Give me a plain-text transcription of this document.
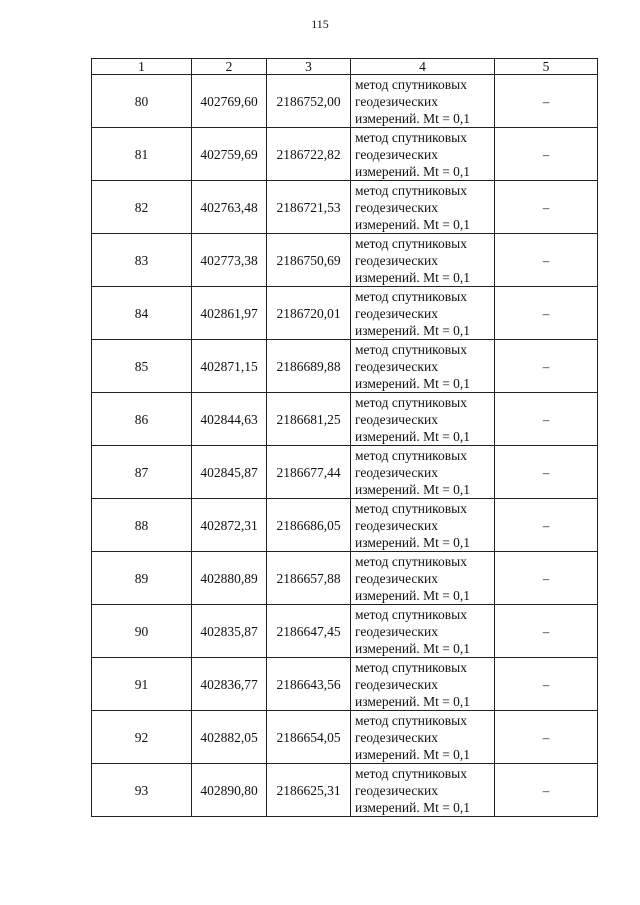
115
1	2	3	4	5
80	402769,60	2186752,00	метод спутниковых
геодезических
измерений. Mt = 0,1	–
81	402759,69	2186722,82	метод спутниковых
геодезических
измерений. Mt = 0,1	–
82	402763,48	2186721,53	метод спутниковых
геодезических
измерений. Mt = 0,1	–
83	402773,38	2186750,69	метод спутниковых
геодезических
измерений. Mt = 0,1	–
84	402861,97	2186720,01	метод спутниковых
геодезических
измерений. Mt = 0,1	–
85	402871,15	2186689,88	метод спутниковых
геодезических
измерений. Mt = 0,1	–
86	402844,63	2186681,25	метод спутниковых
геодезических
измерений. Mt = 0,1	–
87	402845,87	2186677,44	метод спутниковых
геодезических
измерений. Mt = 0,1	–
88	402872,31	2186686,05	метод спутниковых
геодезических
измерений. Mt = 0,1	–
89	402880,89	2186657,88	метод спутниковых
геодезических
измерений. Mt = 0,1	–
90	402835,87	2186647,45	метод спутниковых
геодезических
измерений. Mt = 0,1	–
91	402836,77	2186643,56	метод спутниковых
геодезических
измерений. Mt = 0,1	–
92	402882,05	2186654,05	метод спутниковых
геодезических
измерений. Mt = 0,1	–
93	402890,80	2186625,31	метод спутниковых
геодезических
измерений. Mt = 0,1	–
